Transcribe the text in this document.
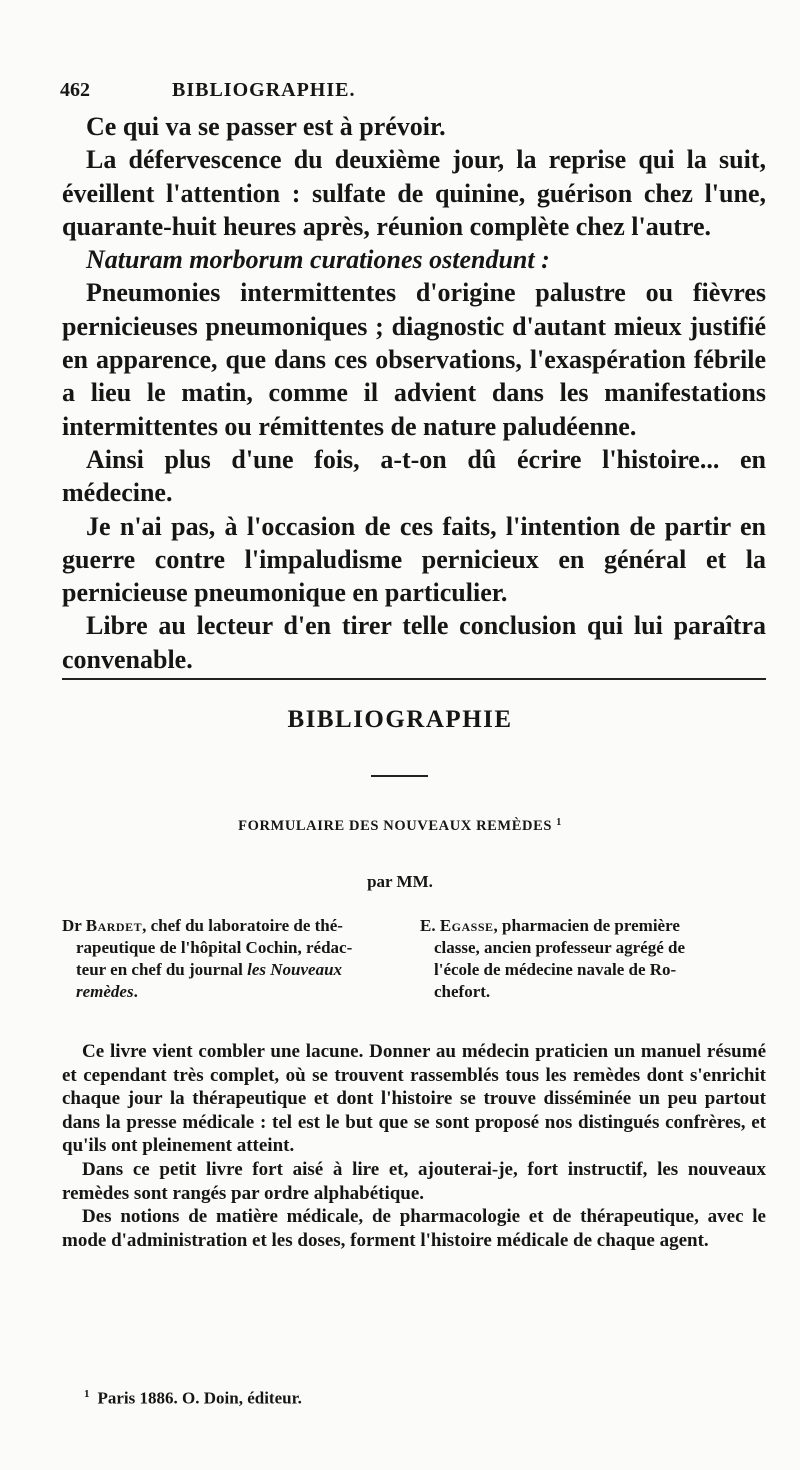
462	BIBLIOGRAPHIE.

Ce qui va se passer est à prévoir.

La défervescence du deuxième jour, la reprise qui la suit, éveillent l'attention : sulfate de quinine, guérison chez l'une, quarante-huit heures après, réunion complète chez l'autre.

Naturam morborum curationes ostendunt :

Pneumonies intermittentes d'origine palustre ou fièvres pernicieuses pneumoniques ; diagnostic d'autant mieux justifié en apparence, que dans ces observations, l'exaspération fébrile a lieu le matin, comme il advient dans les manifestations intermittentes ou rémittentes de nature paludéenne.

Ainsi plus d'une fois, a-t-on dû écrire l'histoire... en médecine.

Je n'ai pas, à l'occasion de ces faits, l'intention de partir en guerre contre l'impaludisme pernicieux en général et la pernicieuse pneumonique en particulier.

Libre au lecteur d'en tirer telle conclusion qui lui paraîtra convenable.

BIBLIOGRAPHIE
FORMULAIRE DES NOUVEAUX REMÈDES $^1$
par MM.
Dr Bardet, chef du laboratoire de thé-
rapeutique de l'hôpital Cochin, rédac-
teur en chef du journal les Nouveaux
remèdes.
E. Egasse, pharmacien de première
classe, ancien professeur agrégé de
l'école de médecine navale de Ro-
chefort.

Ce livre vient combler une lacune. Donner au médecin praticien un manuel résumé et cependant très complet, où se trouvent rassemblés tous les remèdes dont s'enrichit chaque jour la thérapeutique et dont l'histoire se trouve disséminée un peu partout dans la presse médicale : tel est le but que se sont proposé nos distingués confrères, et qu'ils ont pleinement atteint.

Dans ce petit livre fort aisé à lire et, ajouterai-je, fort instructif, les nouveaux remèdes sont rangés par ordre alphabétique.

Des notions de matière médicale, de pharmacologie et de thérapeutique, avec le mode d'administration et les doses, forment l'histoire médicale de chaque agent.

$^1$ Paris 1886. O. Doin, éditeur.
